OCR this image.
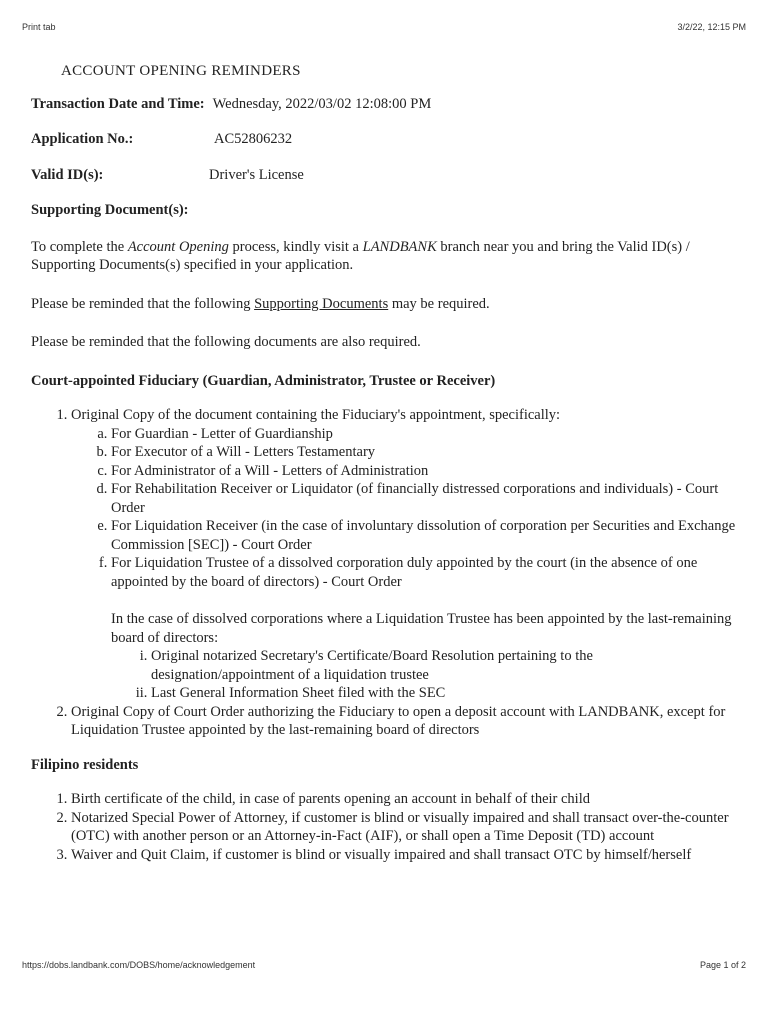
Print tab	3/2/22, 12:15 PM
ACCOUNT OPENING REMINDERS
Transaction Date and Time: Wednesday, 2022/03/02 12:08:00 PM
Application No.:	AC52806232
Valid ID(s):	Driver's License
Supporting Document(s):

To complete the Account Opening process, kindly visit a LANDBANK branch near you and bring the Valid ID(s) / Supporting Documents(s) specified in your application.

Please be reminded that the following Supporting Documents may be required.

Please be reminded that the following documents are also required.

Court-appointed Fiduciary (Guardian, Administrator, Trustee or Receiver)
1. Original Copy of the document containing the Fiduciary's appointment, specifically:
a. For Guardian - Letter of Guardianship
b. For Executor of a Will - Letters Testamentary
c. For Administrator of a Will - Letters of Administration
d. For Rehabilitation Receiver or Liquidator (of financially distressed corporations and individuals) - Court Order
e. For Liquidation Receiver (in the case of involuntary dissolution of corporation per Securities and Exchange Commission [SEC]) - Court Order
f. For Liquidation Trustee of a dissolved corporation duly appointed by the court (in the absence of one appointed by the board of directors) - Court Order
In the case of dissolved corporations where a Liquidation Trustee has been appointed by the last-remaining board of directors:
i. Original notarized Secretary's Certificate/Board Resolution pertaining to the designation/appointment of a liquidation trustee
ii. Last General Information Sheet filed with the SEC
2. Original Copy of Court Order authorizing the Fiduciary to open a deposit account with LANDBANK, except for Liquidation Trustee appointed by the last-remaining board of directors
Filipino residents
1. Birth certificate of the child, in case of parents opening an account in behalf of their child
2. Notarized Special Power of Attorney, if customer is blind or visually impaired and shall transact over-the-counter (OTC) with another person or an Attorney-in-Fact (AIF), or shall open a Time Deposit (TD) account
3. Waiver and Quit Claim, if customer is blind or visually impaired and shall transact OTC by himself/herself
https://dobs.landbank.com/DOBS/home/acknowledgement	Page 1 of 2
